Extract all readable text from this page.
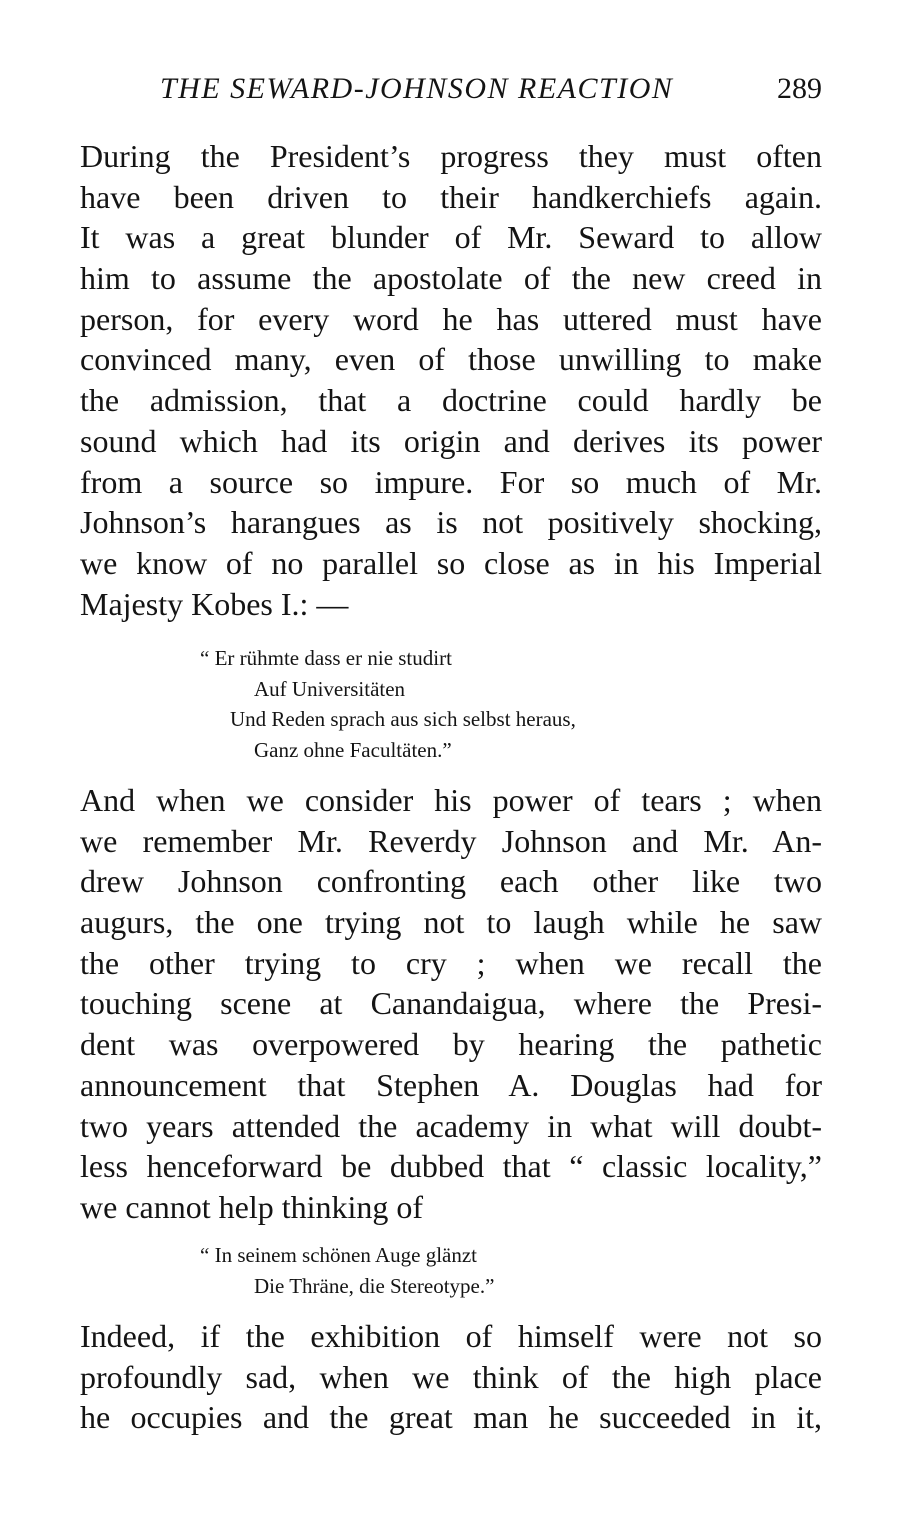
THE SEWARD-JOHNSON REACTION	289
During the President’s progress they must often
have been driven to their handkerchiefs again.
It was a great blunder of Mr. Seward to allow
him to assume the apostolate of the new creed in
person, for every word he has uttered must have
convinced many, even of those unwilling to make
the admission, that a doctrine could hardly be
sound which had its origin and derives its power
from a source so impure. For so much of Mr.
Johnson’s harangues as is not positively shocking,
we know of no parallel so close as in his Imperial
Majesty Kobes I.: —
“ Er rühmte dass er nie studirt
Auf Universitäten
Und Reden sprach aus sich selbst heraus,
Ganz ohne Facultäten.”
And when we consider his power of tears ; when
we remember Mr. Reverdy Johnson and Mr. An-
drew Johnson confronting each other like two
augurs, the one trying not to laugh while he saw
the other trying to cry ; when we recall the
touching scene at Canandaigua, where the Presi-
dent was overpowered by hearing the pathetic
announcement that Stephen A. Douglas had for
two years attended the academy in what will doubt-
less henceforward be dubbed that “ classic locality,”
we cannot help thinking of
“ In seinem schönen Auge glänzt
Die Thräne, die Stereotype.”
Indeed, if the exhibition of himself were not so
profoundly sad, when we think of the high place
he occupies and the great man he succeeded in it,
